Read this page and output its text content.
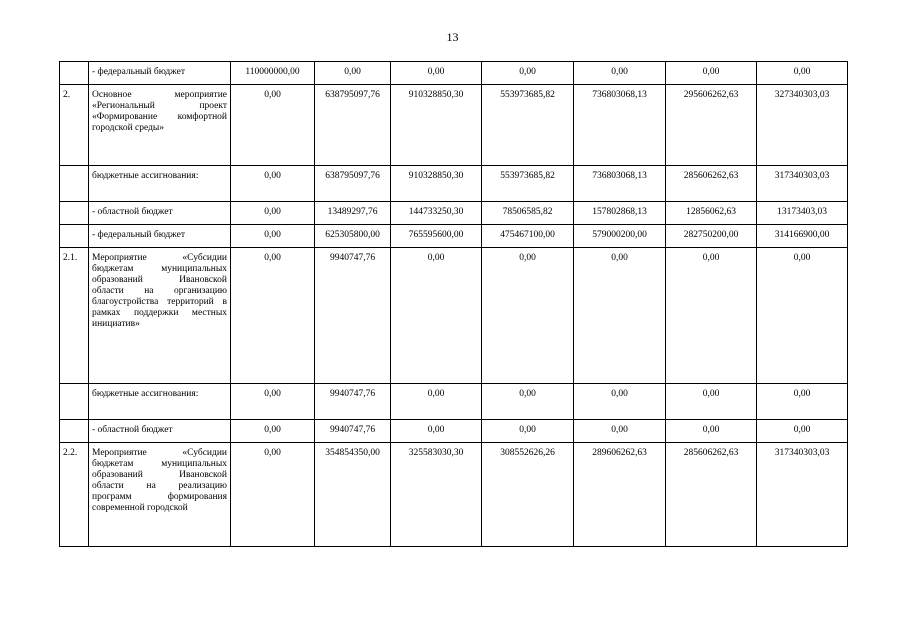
13
	- федеральный бюджет	110000000,00	0,00	0,00	0,00	0,00	0,00	0,00
2.	Основное мероприятие «Региональный проект «Формирование комфортной городской среды»	0,00	638795097,76	910328850,30	553973685,82	736803068,13	295606262,63	327340303,03
	бюджетные ассигнования:	0,00	638795097,76	910328850,30	553973685,82	736803068,13	285606262,63	317340303,03
	- областной бюджет	0,00	13489297,76	144733250,30	78506585,82	157802868,13	12856062,63	13173403,03
	- федеральный бюджет	0,00	625305800,00	765595600,00	475467100,00	579000200,00	282750200,00	314166900,00
2.1.	Мероприятие «Субсидии бюджетам муниципальных образований Ивановской области на организацию благоустройства территорий в рамках поддержки местных инициатив»	0,00	9940747,76	0,00	0,00	0,00	0,00	0,00
	бюджетные ассигнования:	0,00	9940747,76	0,00	0,00	0,00	0,00	0,00
	- областной бюджет	0,00	9940747,76	0,00	0,00	0,00	0,00	0,00
2.2.	Мероприятие «Субсидии бюджетам муниципальных образований Ивановской области на реализацию программ формирования современной городской	0,00	354854350,00	325583030,30	308552626,26	289606262,63	285606262,63	317340303,03
